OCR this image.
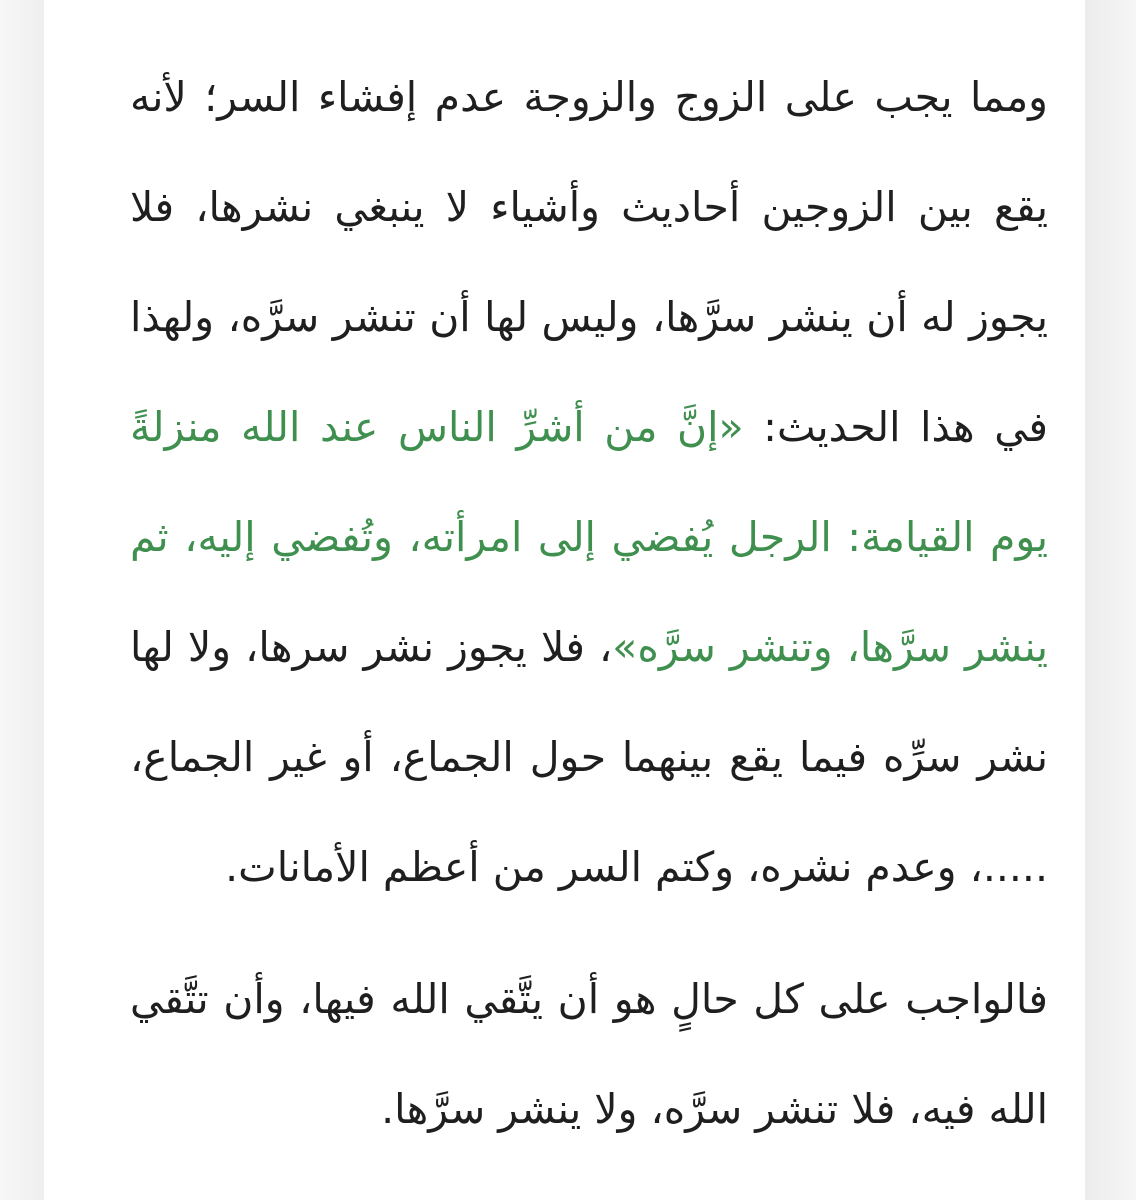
ومما يجب على الزوج والزوجة عدم إفشاء السر؛ لأنه يقع بين الزوجين أحاديث وأشياء لا ينبغي نشرها، فلا يجوز له أن ينشر سرَّها، وليس لها أن تنشر سرَّه، ولهذا في هذا الحديث: «إنَّ من أشرِّ الناس عند الله منزلةً يوم القيامة: الرجل يُفضي إلى امرأته، وتُفضي إليه، ثم ينشر سرَّها، وتنشر سرَّه»، فلا يجوز نشر سرها، ولا لها نشر سرِّه فيما يقع بينهما حول الجماع، أو غير الجماع، .....، وعدم نشره، وكتم السر من أعظم الأمانات.

فالواجب على كل حالٍ هو أن يتَّقي الله فيها، وأن تتَّقي الله فيه، فلا تنشر سرَّه، ولا ينشر سرَّها.
